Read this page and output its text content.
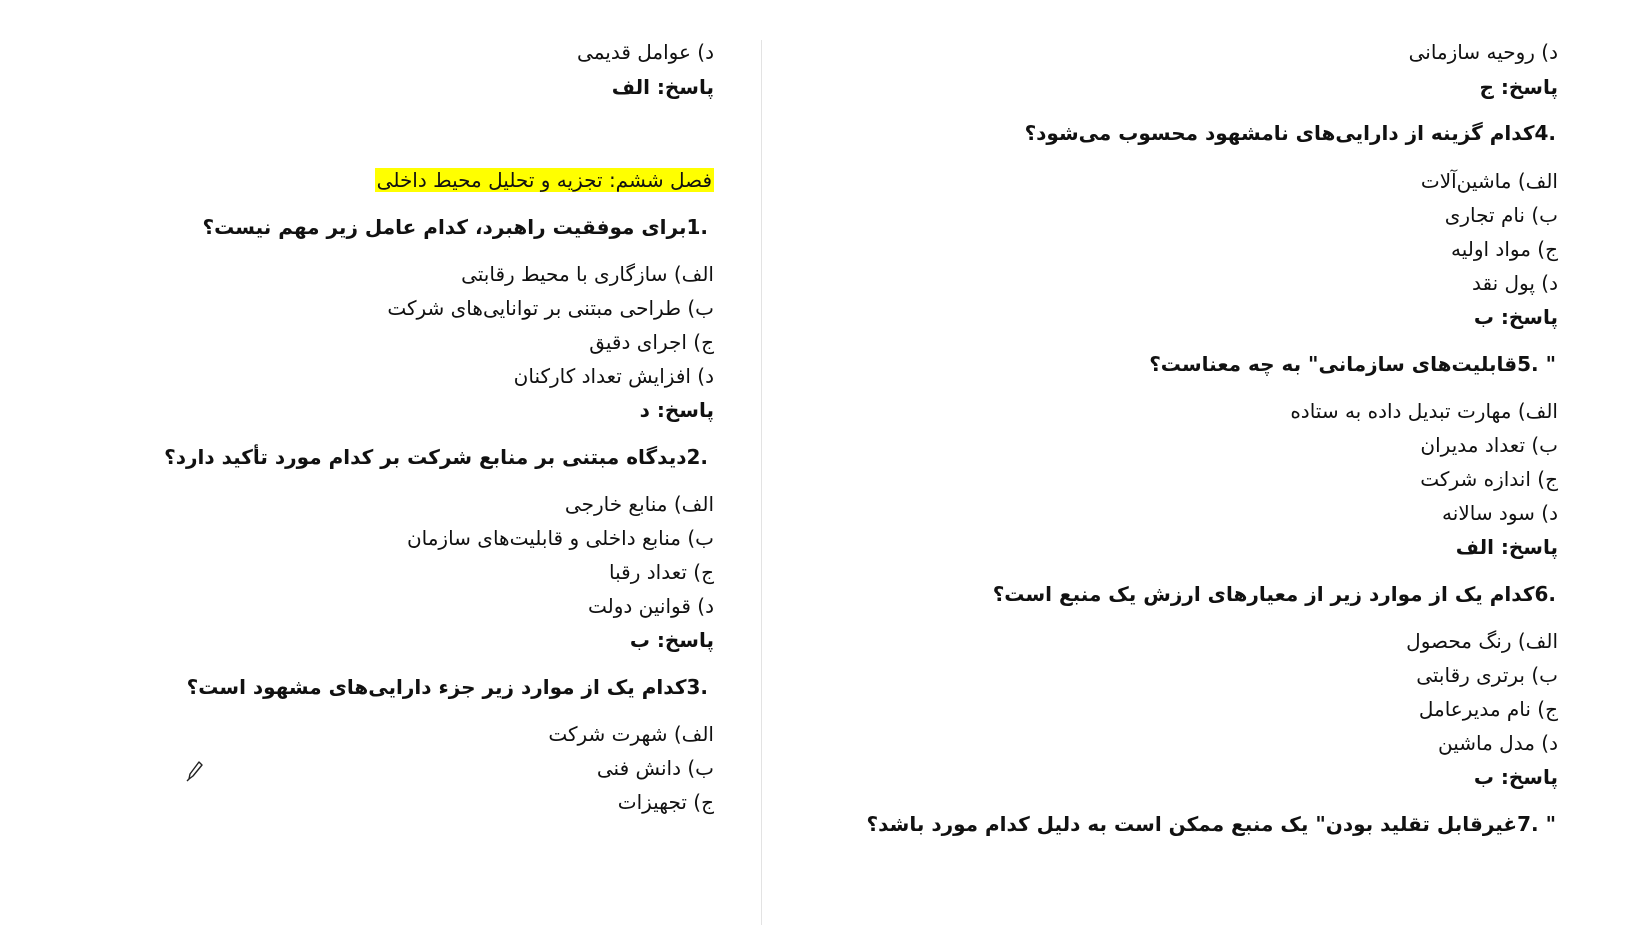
د) روحیه سازمانی
پاسخ: ج
.4کدام گزینه از دارایی‌های نامشهود محسوب می‌شود؟
الف) ماشین‌آلات
ب) نام تجاری
ج) مواد اولیه
د) پول نقد
پاسخ: ب
" .5قابلیت‌های سازمانی" به چه معناست؟
الف) مهارت تبدیل داده به ستاده
ب) تعداد مدیران
ج) اندازه شرکت
د) سود سالانه
پاسخ: الف
.6کدام یک از موارد زیر از معیارهای ارزش یک منبع است؟
الف) رنگ محصول
ب) برتری رقابتی
ج) نام مدیرعامل
د) مدل ماشین
پاسخ: ب
" .7غیرقابل تقلید بودن" یک منبع ممکن است به دلیل کدام مورد باشد؟
د) عوامل قدیمی
پاسخ: الف
فصل ششم: تجزیه و تحلیل محیط داخلی
.1برای موفقیت راهبرد، کدام عامل زیر مهم نیست؟
الف) سازگاری با محیط رقابتی
ب) طراحی مبتنی بر توانایی‌های شرکت
ج) اجرای دقیق
د) افزایش تعداد کارکنان
پاسخ: د
.2دیدگاه مبتنی بر منابع شرکت بر کدام مورد تأکید دارد؟
الف) منابع خارجی
ب) منابع داخلی و قابلیت‌های سازمان
ج) تعداد رقبا
د) قوانین دولت
پاسخ: ب
.3کدام یک از موارد زیر جزء دارایی‌های مشهود است؟
الف) شهرت شرکت
ب) دانش فنی
ج) تجهیزات
